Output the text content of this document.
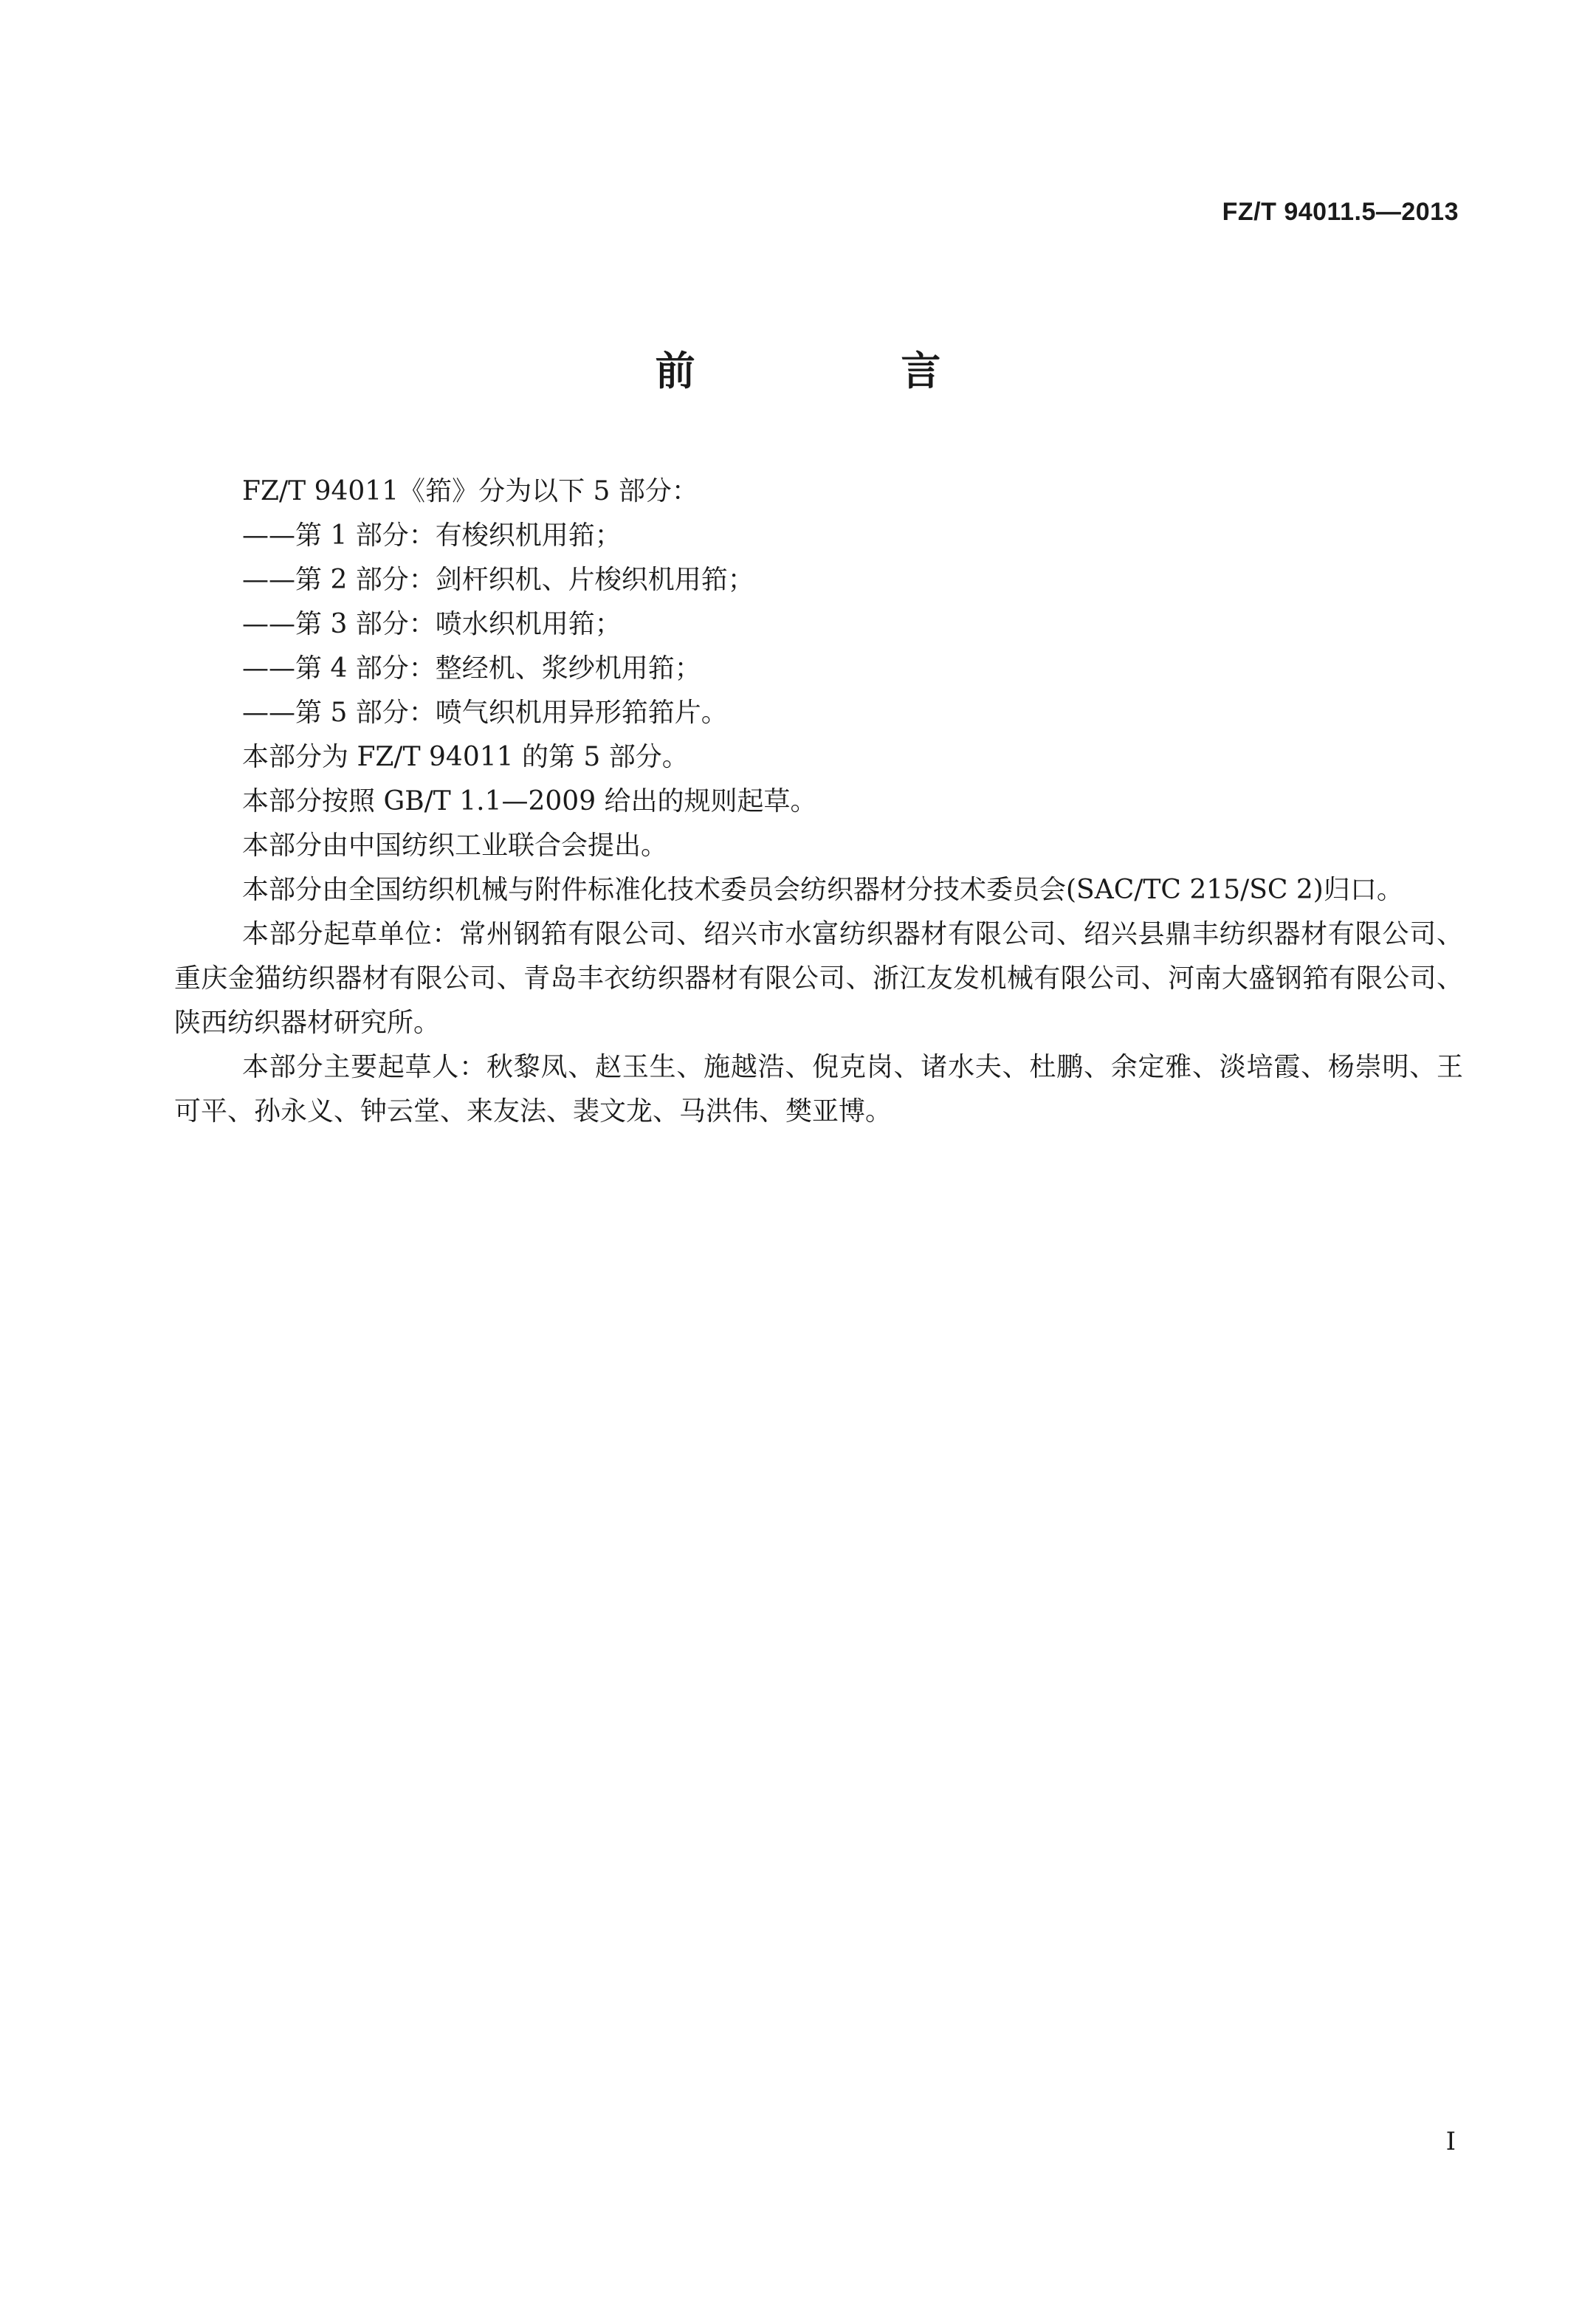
FZ/T 94011.5—2013
前 言

FZ/T 94011《筘》分为以下 5 部分：

——第 1 部分：有梭织机用筘；

——第 2 部分：剑杆织机、片梭织机用筘；

——第 3 部分：喷水织机用筘；

——第 4 部分：整经机、浆纱机用筘；

——第 5 部分：喷气织机用异形筘筘片。

本部分为 FZ/T 94011 的第 5 部分。

本部分按照 GB/T 1.1—2009 给出的规则起草。

本部分由中国纺织工业联合会提出。

本部分由全国纺织机械与附件标准化技术委员会纺织器材分技术委员会(SAC/TC 215/SC 2)归口。

本部分起草单位：常州钢筘有限公司、绍兴市水富纺织器材有限公司、绍兴县鼎丰纺织器材有限公司、重庆金猫纺织器材有限公司、青岛丰衣纺织器材有限公司、浙江友发机械有限公司、河南大盛钢筘有限公司、陕西纺织器材研究所。

本部分主要起草人：秋黎凤、赵玉生、施越浩、倪克岗、诸水夫、杜鹏、余定雅、淡培霞、杨崇明、王可平、孙永义、钟云堂、来友法、裴文龙、马洪伟、樊亚博。

I
